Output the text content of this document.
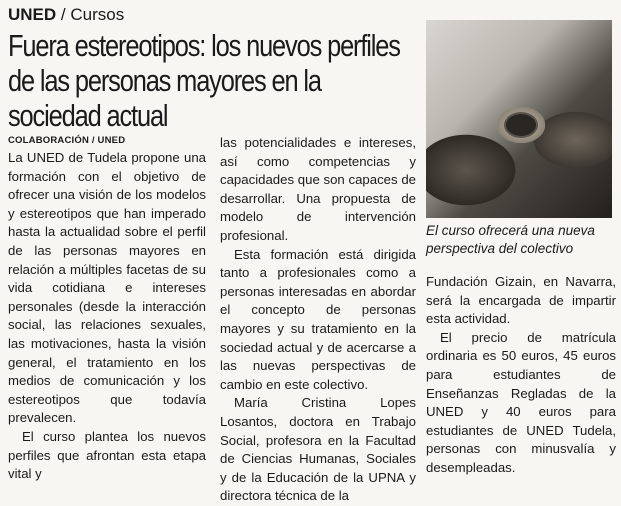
UNED / Cursos
Fuera estereotipos: los nuevos perfiles de las personas mayores en la sociedad actual
El curso ofrecerá una nueva perspectiva del colectivo
COLABORACIÓN / UNED

La UNED de Tudela propone una formación con el objetivo de ofrecer una visión de los modelos y estereotipos que han imperado hasta la actualidad sobre el perfil de las personas mayores en relación a múltiples facetas de su vida cotidiana e intereses personales (desde la interacción social, las relaciones sexuales, las motivaciones, hasta la visión general, el tratamiento en los medios de comunicación y los estereotipos que todavía prevalecen.

El curso plantea los nuevos perfiles que afrontan esta etapa vital y

las potencialidades e intereses, así como competencias y capacidades que son capaces de desarrollar. Una propuesta de modelo de intervención profesional.

Esta formación está dirigida tanto a profesionales como a personas interesadas en abordar el concepto de personas mayores y su tratamiento en la sociedad actual y de acercarse a las nuevas perspectivas de cambio en este colectivo.

María Cristina Lopes Losantos, doctora en Trabajo Social, profesora en la Facultad de Ciencias Humanas, Sociales y de la Educación de la UPNA y directora técnica de la

Fundación Gizain, en Navarra, será la encargada de impartir esta actividad.

El precio de matrícula ordinaria es 50 euros, 45 euros para estudiantes de Enseñanzas Regladas de la UNED y 40 euros para estudiantes de UNED Tudela, personas con minusvalía y desempleadas.
